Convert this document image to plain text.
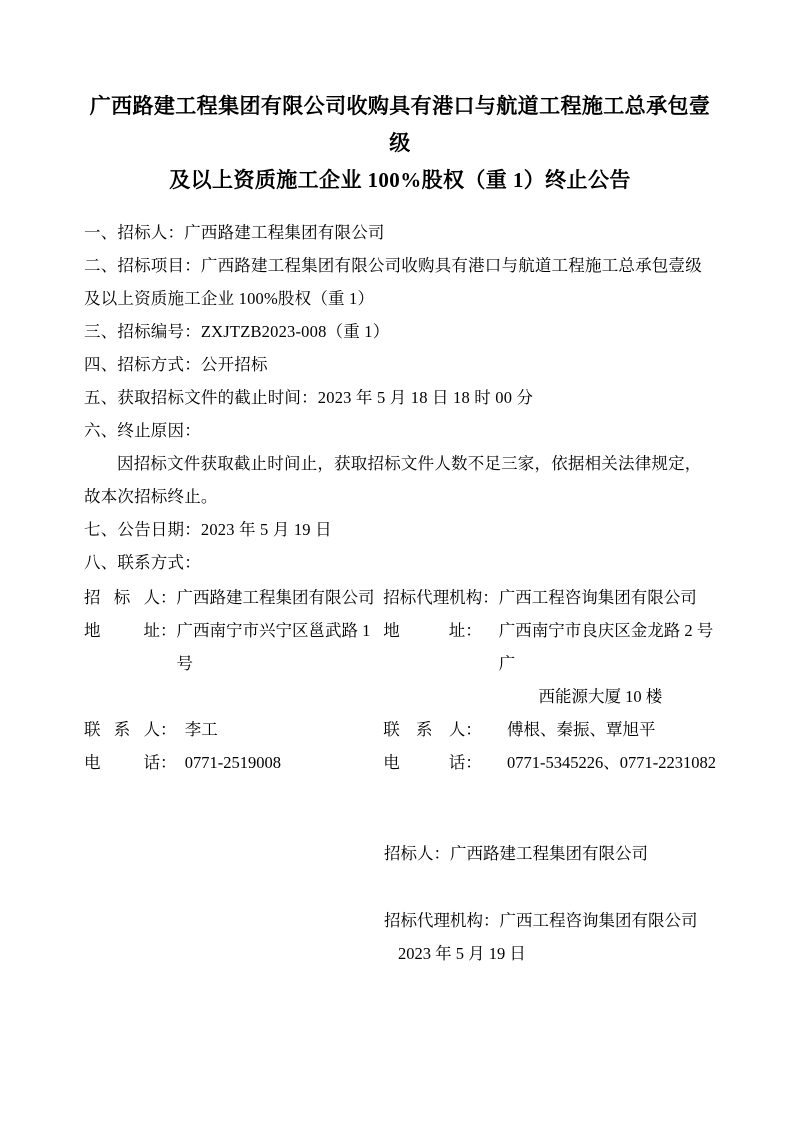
广西路建工程集团有限公司收购具有港口与航道工程施工总承包壹级
及以上资质施工企业 100%股权（重 1）终止公告

一、招标人：广西路建工程集团有限公司

二、招标项目：广西路建工程集团有限公司收购具有港口与航道工程施工总承包壹级及以上资质施工企业 100%股权（重 1）

三、招标编号：ZXJTZB2023-008（重 1）

四、招标方式：公开招标

五、获取招标文件的截止时间：2023 年 5 月 18 日 18 时 00 分

六、终止原因：

因招标文件获取截止时间止，获取招标文件人数不足三家，依据相关法律规定，故本次招标终止。

七、公告日期：2023 年 5 月 19 日

八、联系方式：

招 标 人：	广西路建工程集团有限公司	招标代理机构：	广西工程咨询集团有限公司
地 址：	广西南宁市兴宁区邕武路 1 号	地 址：	广西南宁市良庆区金龙路 2 号广
西能源大厦 10 楼

联 系 人：	李工	联 系 人：	傅根、秦振、覃旭平
电 话：	0771-2519008	电 话：	0771-5345226、0771-2231082

招标人：广西路建工程集团有限公司

招标代理机构：广西工程咨询集团有限公司

2023 年 5 月 19 日
